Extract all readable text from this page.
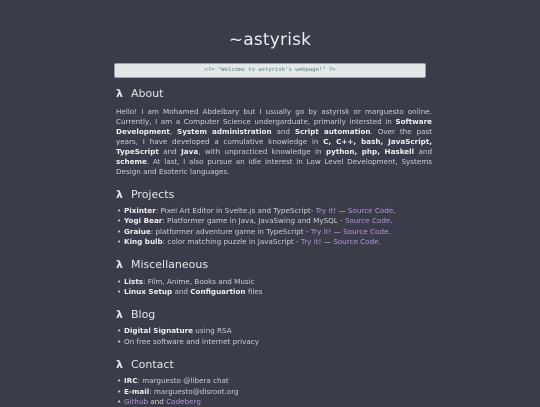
~astyrisk
<?= "Welcome to astyrisk's webpage!" ?>
λ About

Hello! I am Mohamed Abdelbary but I usually go by astyrisk or marguesto online. Currently, I am a Computer Science undergarduate, primarily intersted in Software Development, System administration and Script automation. Over the past years, I have developed a cumulative knowledge in C, C++, bash, JavaScript, TypeScript and Java, with unpracticed knowledge in python, php, Haskell and scheme. At last, I also pursue an idle interest in Low Level Development, Systems Design and Esoteric languages.

λ Projects
• Pixinter: Pixel Art Editor in Svelte.js and TypeScript- Try it! — Source Code.
• Yogi Bear: Platformer game in Java, JavaSwing and MySQL - Source Code.
• Graiue: platformer adventure game in TypeScript - Try it! — Source Code.
• King bulb: color matching puzzle in JavaScript - Try it! — Source Code.
λ Miscellaneous
• Lists: Film, Anime, Books and Music
• Linux Setup and Configuartion files
λ Blog
• Digital Signature using RSA
• On free software and internet privacy
λ Contact
• IRC: marguesto @libera chat
• E-mail: marguesto@disroot.org
• Github and Codeberg
